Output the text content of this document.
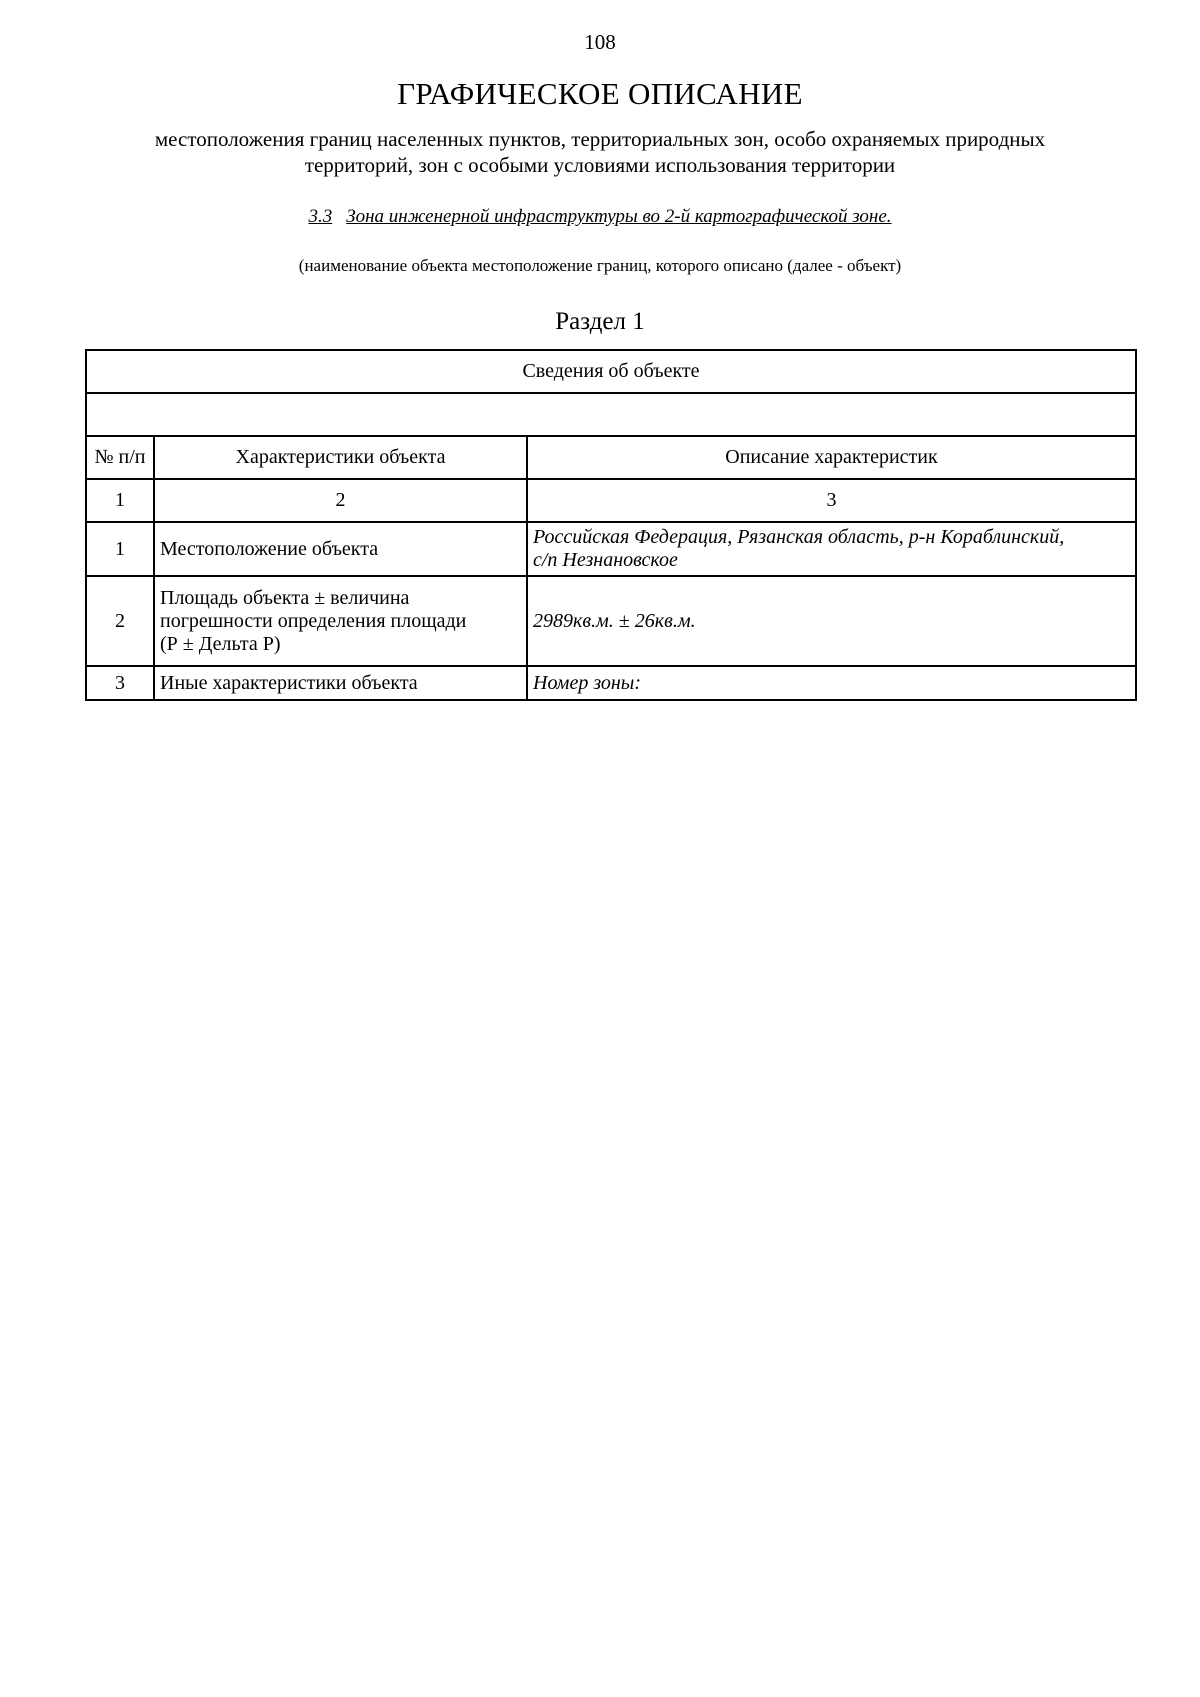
108
ГРАФИЧЕСКОЕ ОПИСАНИЕ
местоположения границ населенных пунктов, территориальных зон, особо охраняемых природных
территорий, зон с особыми условиями использования территории
3.3 Зона инженерной инфраструктуры во 2-й картографической зоне.
(наименование объекта местоположение границ, которого описано (далее - объект)
Раздел 1
Сведения об объекте		

№ п/п	Характеристики объекта	Описание характеристик
1	2	3
1	Местоположение объекта	Российская Федерация, Рязанская область, р-н Кораблинский,
с/п Незнановское

2	Площадь объекта ± величина
погрешности определения площади
(Р ± Дельта Р)	2989кв.м. ± 26кв.м.
3	Иные характеристики объекта	Номер зоны:
